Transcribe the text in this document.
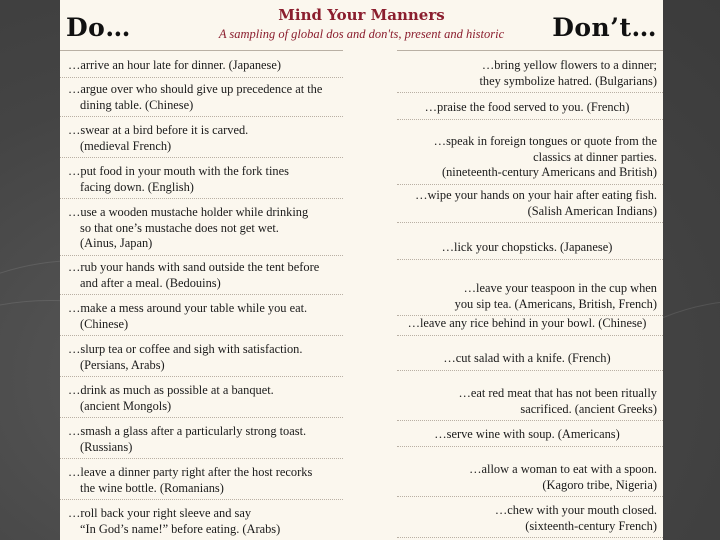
Do…	Mind Your Manners
A sampling of global dos and don'ts, present and historic	Don’t…
…arrive an hour late for dinner. (Japanese)
…argue over who should give up precedence at the
dining table. (Chinese)
…swear at a bird before it is carved.
(medieval French)
…put food in your mouth with the fork tines
facing down. (English)
…use a wooden mustache holder while drinking
so that one’s mustache does not get wet.
(Ainus, Japan)
…rub your hands with sand outside the tent before
and after a meal. (Bedouins)
…make a mess around your table while you eat.
(Chinese)
…slurp tea or coffee and sigh with satisfaction.
(Persians, Arabs)
…drink as much as possible at a banquet.
(ancient Mongols)
…smash a glass after a particularly strong toast.
(Russians)
…leave a dinner party right after the host recorks
the wine bottle. (Romanians)
…roll back your right sleeve and say
“In God’s name!” before eating. (Arabs)
…bring yellow flowers to a dinner;
they symbolize hatred. (Bulgarians)
…praise the food served to you. (French)
…speak in foreign tongues or quote from the
classics at dinner parties.
(nineteenth-century Americans and British)
…wipe your hands on your hair after eating fish.
(Salish American Indians)
…lick your chopsticks. (Japanese)
…leave your teaspoon in the cup when
you sip tea. (Americans, British, French)
…leave any rice behind in your bowl. (Chinese)
…cut salad with a knife. (French)
…eat red meat that has not been ritually
sacrificed. (ancient Greeks)
…serve wine with soup. (Americans)
…allow a woman to eat with a spoon.
(Kagoro tribe, Nigeria)
…chew with your mouth closed.
(sixteenth-century French)
